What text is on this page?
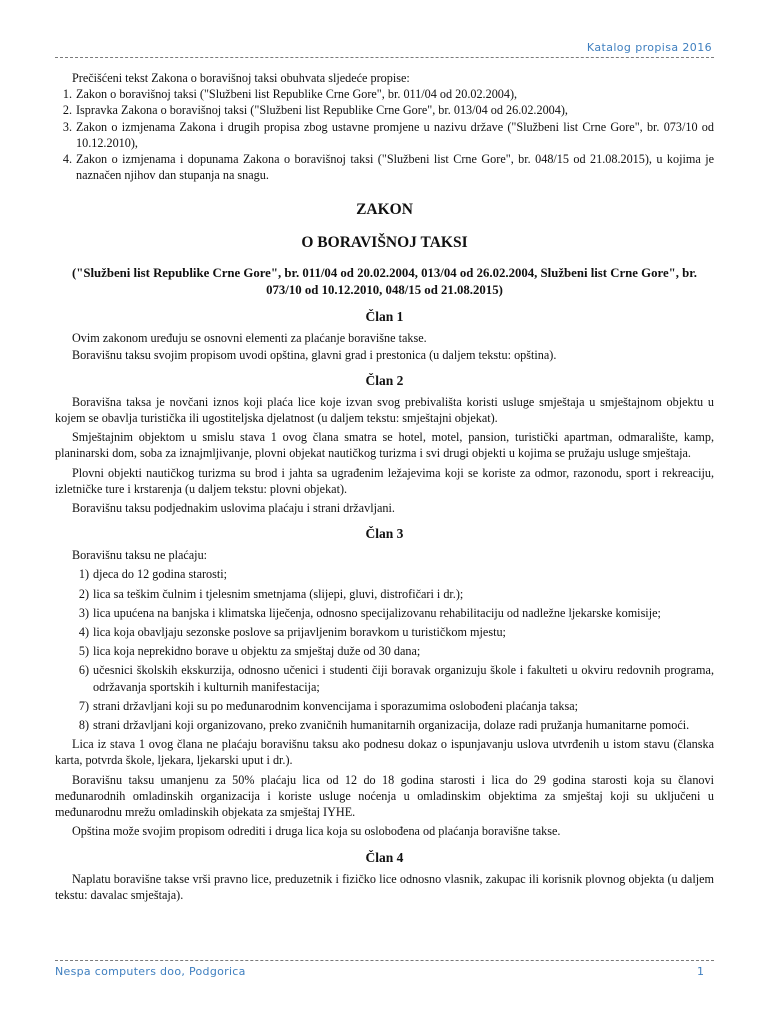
Katalog propisa 2016

Prečišćeni tekst Zakona o boravišnoj taksi obuhvata sljedeće propise:

1. Zakon o boravišnoj taksi ("Službeni list Republike Crne Gore", br. 011/04 od 20.02.2004),
2. Ispravka Zakona o boravišnoj taksi ("Službeni list Republike Crne Gore", br. 013/04 od 26.02.2004),
3. Zakon o izmjenama Zakona i drugih propisa zbog ustavne promjene u nazivu države ("Službeni list Crne Gore", br. 073/10 od 10.12.2010),
4. Zakon o izmjenama i dopunama Zakona o boravišnoj taksi ("Službeni list Crne Gore", br. 048/15 od 21.08.2015), u kojima je naznačen njihov dan stupanja na snagu.

ZAKON

O BORAVIŠNOJ TAKSI

("Službeni list Republike Crne Gore", br. 011/04 od 20.02.2004, 013/04 od 26.02.2004, Službeni list Crne Gore", br. 073/10 od 10.12.2010, 048/15 od 21.08.2015)

Član 1

Ovim zakonom uređuju se osnovni elementi za plaćanje boravišne takse.

Boravišnu taksu svojim propisom uvodi opština, glavni grad i prestonica (u daljem tekstu: opština).

Član 2

Boravišna taksa je novčani iznos koji plaća lice koje izvan svog prebivališta koristi usluge smještaja u smještajnom objektu u kojem se obavlja turistička ili ugostiteljska djelatnost (u daljem tekstu: smještajni objekat).

Smještajnim objektom u smislu stava 1 ovog člana smatra se hotel, motel, pansion, turistički apartman, odmaralište, kamp, planinarski dom, soba za iznajmljivanje, plovni objekat nautičkog turizma i svi drugi objekti u kojima se pružaju usluge smještaja.

Plovni objekti nautičkog turizma su brod i jahta sa ugrađenim ležajevima koji se koriste za odmor, razonodu, sport i rekreaciju, izletničke ture i krstarenja (u daljem tekstu: plovni objekat).

Boravišnu taksu podjednakim uslovima plaćaju i strani državljani.

Član 3

Boravišnu taksu ne plaćaju:

1) djeca do 12 godina starosti;
2) lica sa teškim čulnim i tjelesnim smetnjama (slijepi, gluvi, distrofičari i dr.);
3) lica upućena na banjska i klimatska liječenja, odnosno specijalizovanu rehabilitaciju od nadležne ljekarske komisije;
4) lica koja obavljaju sezonske poslove sa prijavljenim boravkom u turističkom mjestu;
5) lica koja neprekidno borave u objektu za smještaj duže od 30 dana;
6) učesnici školskih ekskurzija, odnosno učenici i studenti čiji boravak organizuju škole i fakulteti u okviru redovnih programa, održavanja sportskih i kulturnih manifestacija;
7) strani državljani koji su po međunarodnim konvencijama i sporazumima oslobođeni plaćanja taksa;
8) strani državljani koji organizovano, preko zvaničnih humanitarnih organizacija, dolaze radi pružanja humanitarne pomoći.

Lica iz stava 1 ovog člana ne plaćaju boravišnu taksu ako podnesu dokaz o ispunjavanju uslova utvrđenih u istom stavu (članska karta, potvrda škole, ljekara, ljekarski uput i dr.).

Boravišnu taksu umanjenu za 50% plaćaju lica od 12 do 18 godina starosti i lica do 29 godina starosti koja su članovi međunarodnih omladinskih organizacija i koriste usluge noćenja u omladinskim objektima za smještaj koji su uključeni u međunarodnu mrežu omladinskih objekata za smještaj IYHE.

Opština može svojim propisom odrediti i druga lica koja su oslobođena od plaćanja boravišne takse.

Član 4

Naplatu boravišne takse vrši pravno lice, preduzetnik i fizičko lice odnosno vlasnik, zakupac ili korisnik plovnog objekta (u daljem tekstu: davalac smještaja).

Nespa computers doo, Podgorica	1
